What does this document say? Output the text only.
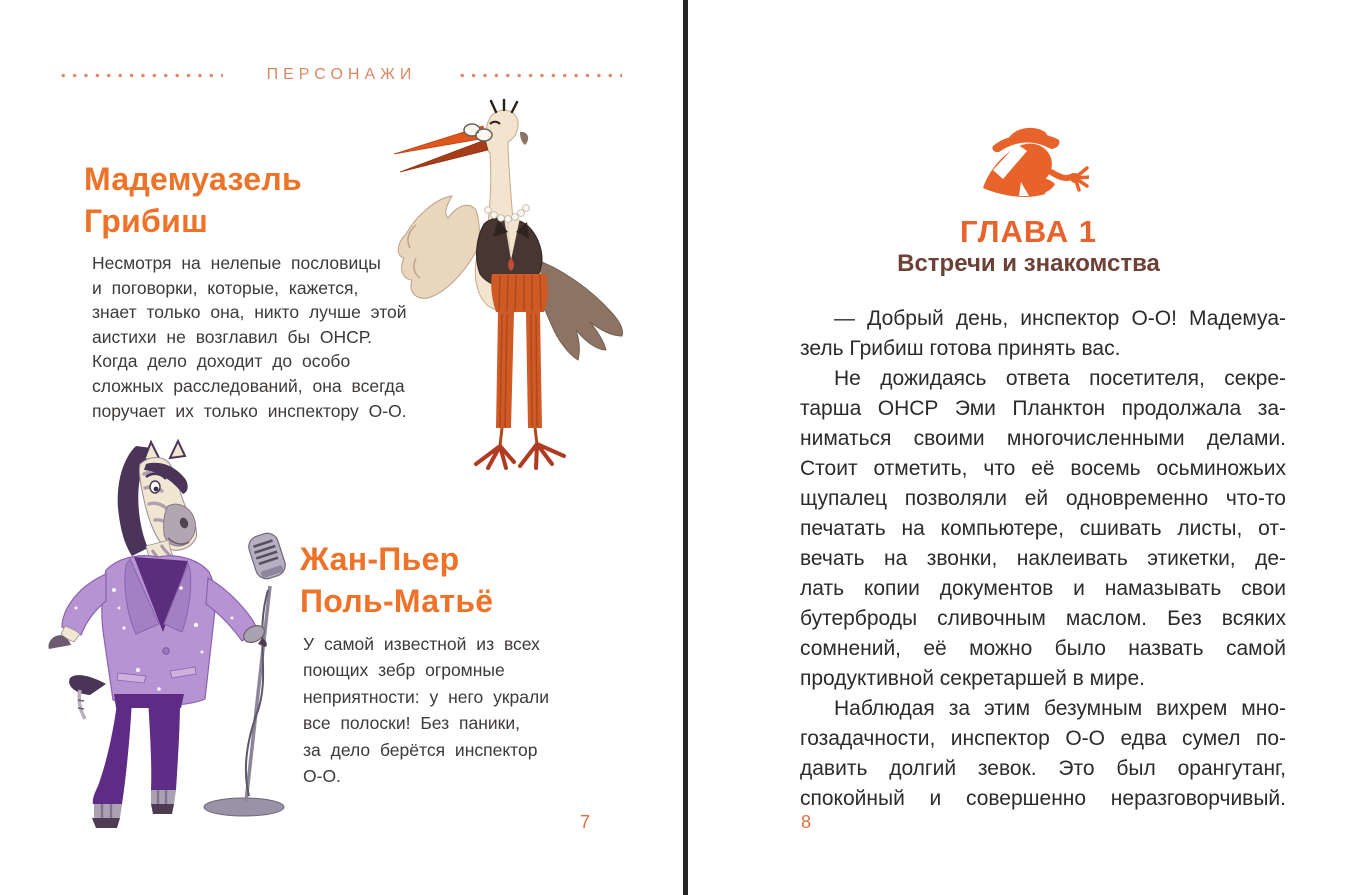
ПЕРСОНАЖИ
Мадемуазель
Грибиш
Несмотря на нелепые пословицы
и поговорки, которые, кажется,
знает только она, никто лучше этой
аистихи не возглавил бы ОНСР.
Когда дело доходит до особо
сложных расследований, она всегда
поручает их только инспектору О-О.
Жан-Пьер
Поль-Матьё
У самой известной из всех
поющих зебр огромные
неприятности: у него украли
все полоски! Без паники,
за дело берётся инспектор
О-О.
7
ГЛАВА 1
Встречи и знакомства
— Добрый день, инспектор О-О! Мадемуа-
зель Грибиш готова принять вас.
Не дожидаясь ответа посетителя, секре-
тарша ОНСР Эми Планктон продолжала за-
ниматься своими многочисленными делами.
Стоит отметить, что её восемь осьминожьих
щупалец позволяли ей одновременно что-то
печатать на компьютере, сшивать листы, от-
вечать на звонки, наклеивать этикетки, де-
лать копии документов и намазывать свои
бутерброды сливочным маслом. Без всяких
сомнений, её можно было назвать самой
продуктивной секретаршей в мире.
Наблюдая за этим безумным вихрем мно-
гозадачности, инспектор О-О едва сумел по-
давить долгий зевок. Это был орангутанг,
спокойный и совершенно неразговорчивый.
8
